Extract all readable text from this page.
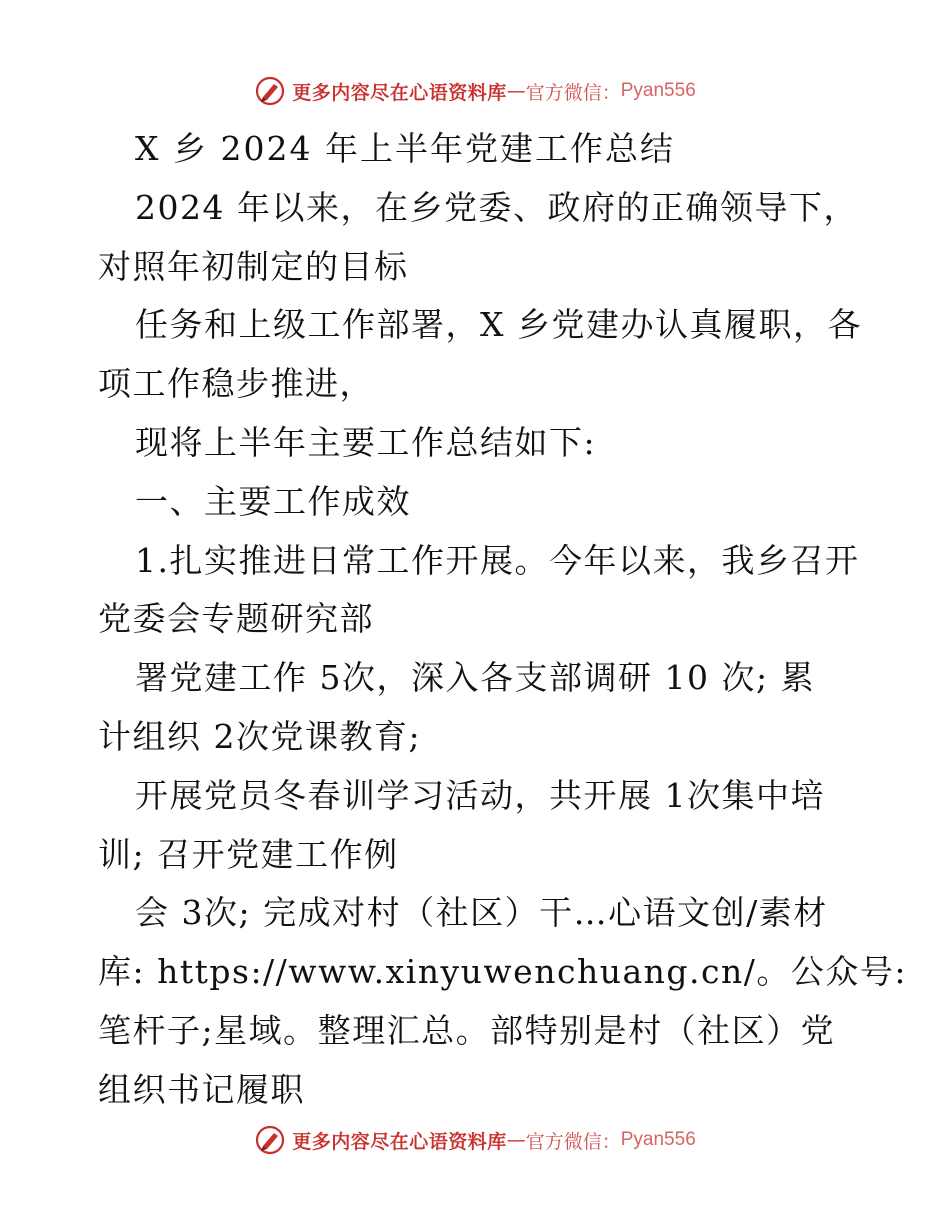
更多内容尽在心语资料库 — 官方微信： Pyan556
X 乡 2024 年上半年党建工作总结
2024 年以来，在乡党委、政府的正确领导下，
对照年初制定的目标
任务和上级工作部署，X 乡党建办认真履职，各
项工作稳步推进，
现将上半年主要工作总结如下:
一、主要工作成效
1.扎实推进日常工作开展。今年以来，我乡召开
党委会专题研究部
署党建工作 5次，深入各支部调研 10 次; 累
计组织 2次党课教育;
开展党员冬春训学习活动，共开展 1次集中培
训; 召开党建工作例
会 3次; 完成对村（社区）干…心语文创/素材
库: https://www.xinyuwenchuang.cn/。公众号:
笔杆子;星域。整理汇总。部特别是村（社区）党
组织书记履职
更多内容尽在心语资料库 — 官方微信： Pyan556
